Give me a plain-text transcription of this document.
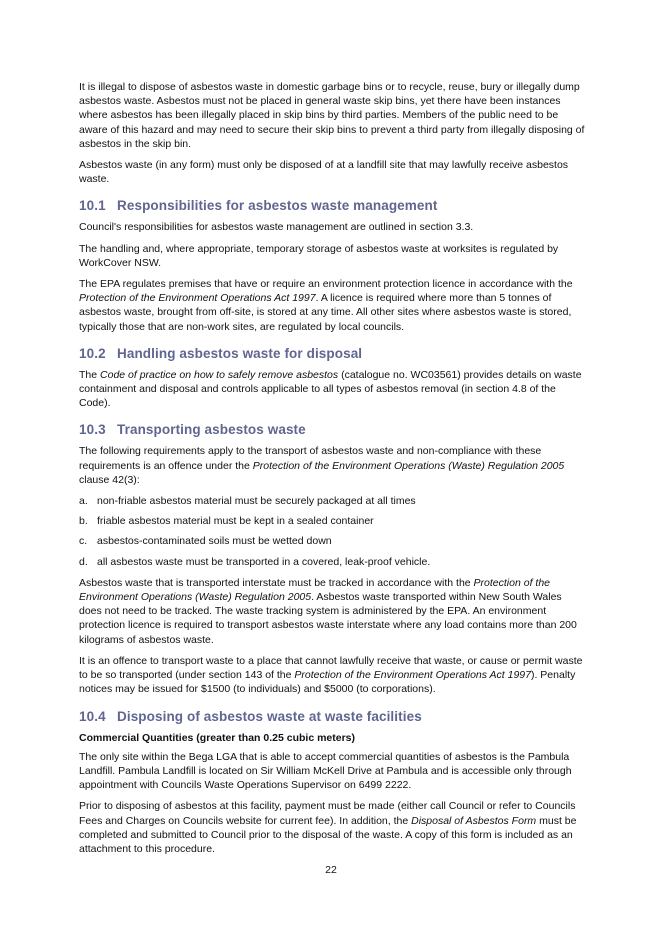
It is illegal to dispose of asbestos waste in domestic garbage bins or to recycle, reuse, bury or illegally dump asbestos waste. Asbestos must not be placed in general waste skip bins, yet there have been instances where asbestos has been illegally placed in skip bins by third parties. Members of the public need to be aware of this hazard and may need to secure their skip bins to prevent a third party from illegally disposing of asbestos in the skip bin.

Asbestos waste (in any form) must only be disposed of at a landfill site that may lawfully receive asbestos waste.

10.1 Responsibilities for asbestos waste management

Council's responsibilities for asbestos waste management are outlined in section 3.3.

The handling and, where appropriate, temporary storage of asbestos waste at worksites is regulated by WorkCover NSW.

The EPA regulates premises that have or require an environment protection licence in accordance with the Protection of the Environment Operations Act 1997. A licence is required where more than 5 tonnes of asbestos waste, brought from off-site, is stored at any time. All other sites where asbestos waste is stored, typically those that are non-work sites, are regulated by local councils.

10.2 Handling asbestos waste for disposal

The Code of practice on how to safely remove asbestos (catalogue no. WC03561) provides details on waste containment and disposal and controls applicable to all types of asbestos removal (in section 4.8 of the Code).

10.3 Transporting asbestos waste

The following requirements apply to the transport of asbestos waste and non-compliance with these requirements is an offence under the Protection of the Environment Operations (Waste) Regulation 2005 clause 42(3):

a. non-friable asbestos material must be securely packaged at all times
b. friable asbestos material must be kept in a sealed container
c. asbestos-contaminated soils must be wetted down
d. all asbestos waste must be transported in a covered, leak-proof vehicle.

Asbestos waste that is transported interstate must be tracked in accordance with the Protection of the Environment Operations (Waste) Regulation 2005. Asbestos waste transported within New South Wales does not need to be tracked. The waste tracking system is administered by the EPA. An environment protection licence is required to transport asbestos waste interstate where any load contains more than 200 kilograms of asbestos waste.

It is an offence to transport waste to a place that cannot lawfully receive that waste, or cause or permit waste to be so transported (under section 143 of the Protection of the Environment Operations Act 1997). Penalty notices may be issued for $1500 (to individuals) and $5000 (to corporations).

10.4 Disposing of asbestos waste at waste facilities

Commercial Quantities (greater than 0.25 cubic meters)

The only site within the Bega LGA that is able to accept commercial quantities of asbestos is the Pambula Landfill. Pambula Landfill is located on Sir William McKell Drive at Pambula and is accessible only through appointment with Councils Waste Operations Supervisor on 6499 2222.

Prior to disposing of asbestos at this facility, payment must be made (either call Council or refer to Councils Fees and Charges on Councils website for current fee). In addition, the Disposal of Asbestos Form must be completed and submitted to Council prior to the disposal of the waste. A copy of this form is included as an attachment to this procedure.

22
